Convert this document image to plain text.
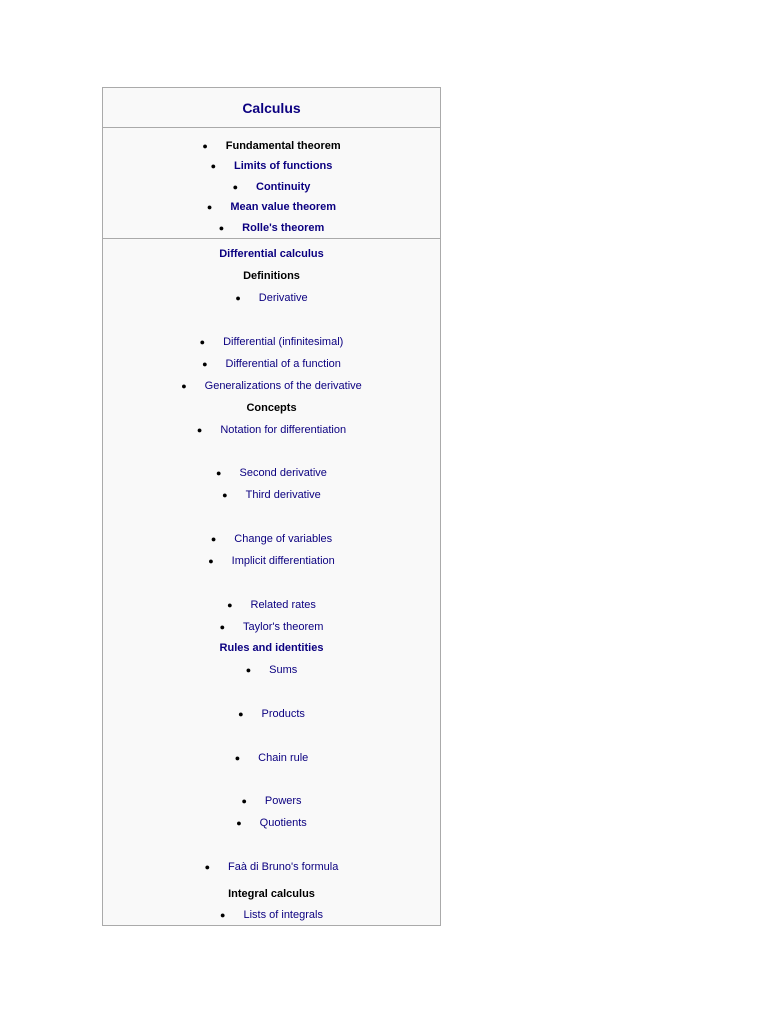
Calculus
● Fundamental theorem
● Limits of functions
● Continuity
● Mean value theorem
● Rolle's theorem
Differential calculus
Definitions
● Derivative
● Differential (infinitesimal)
● Differential of a function
● Generalizations of the derivative
Concepts
● Notation for differentiation
● Second derivative
● Third derivative
● Change of variables
● Implicit differentiation
● Related rates
● Taylor's theorem
Rules and identities
● Sums
● Products
● Chain rule
● Powers
● Quotients
● Faà di Bruno's formula
Integral calculus
● Lists of integrals
